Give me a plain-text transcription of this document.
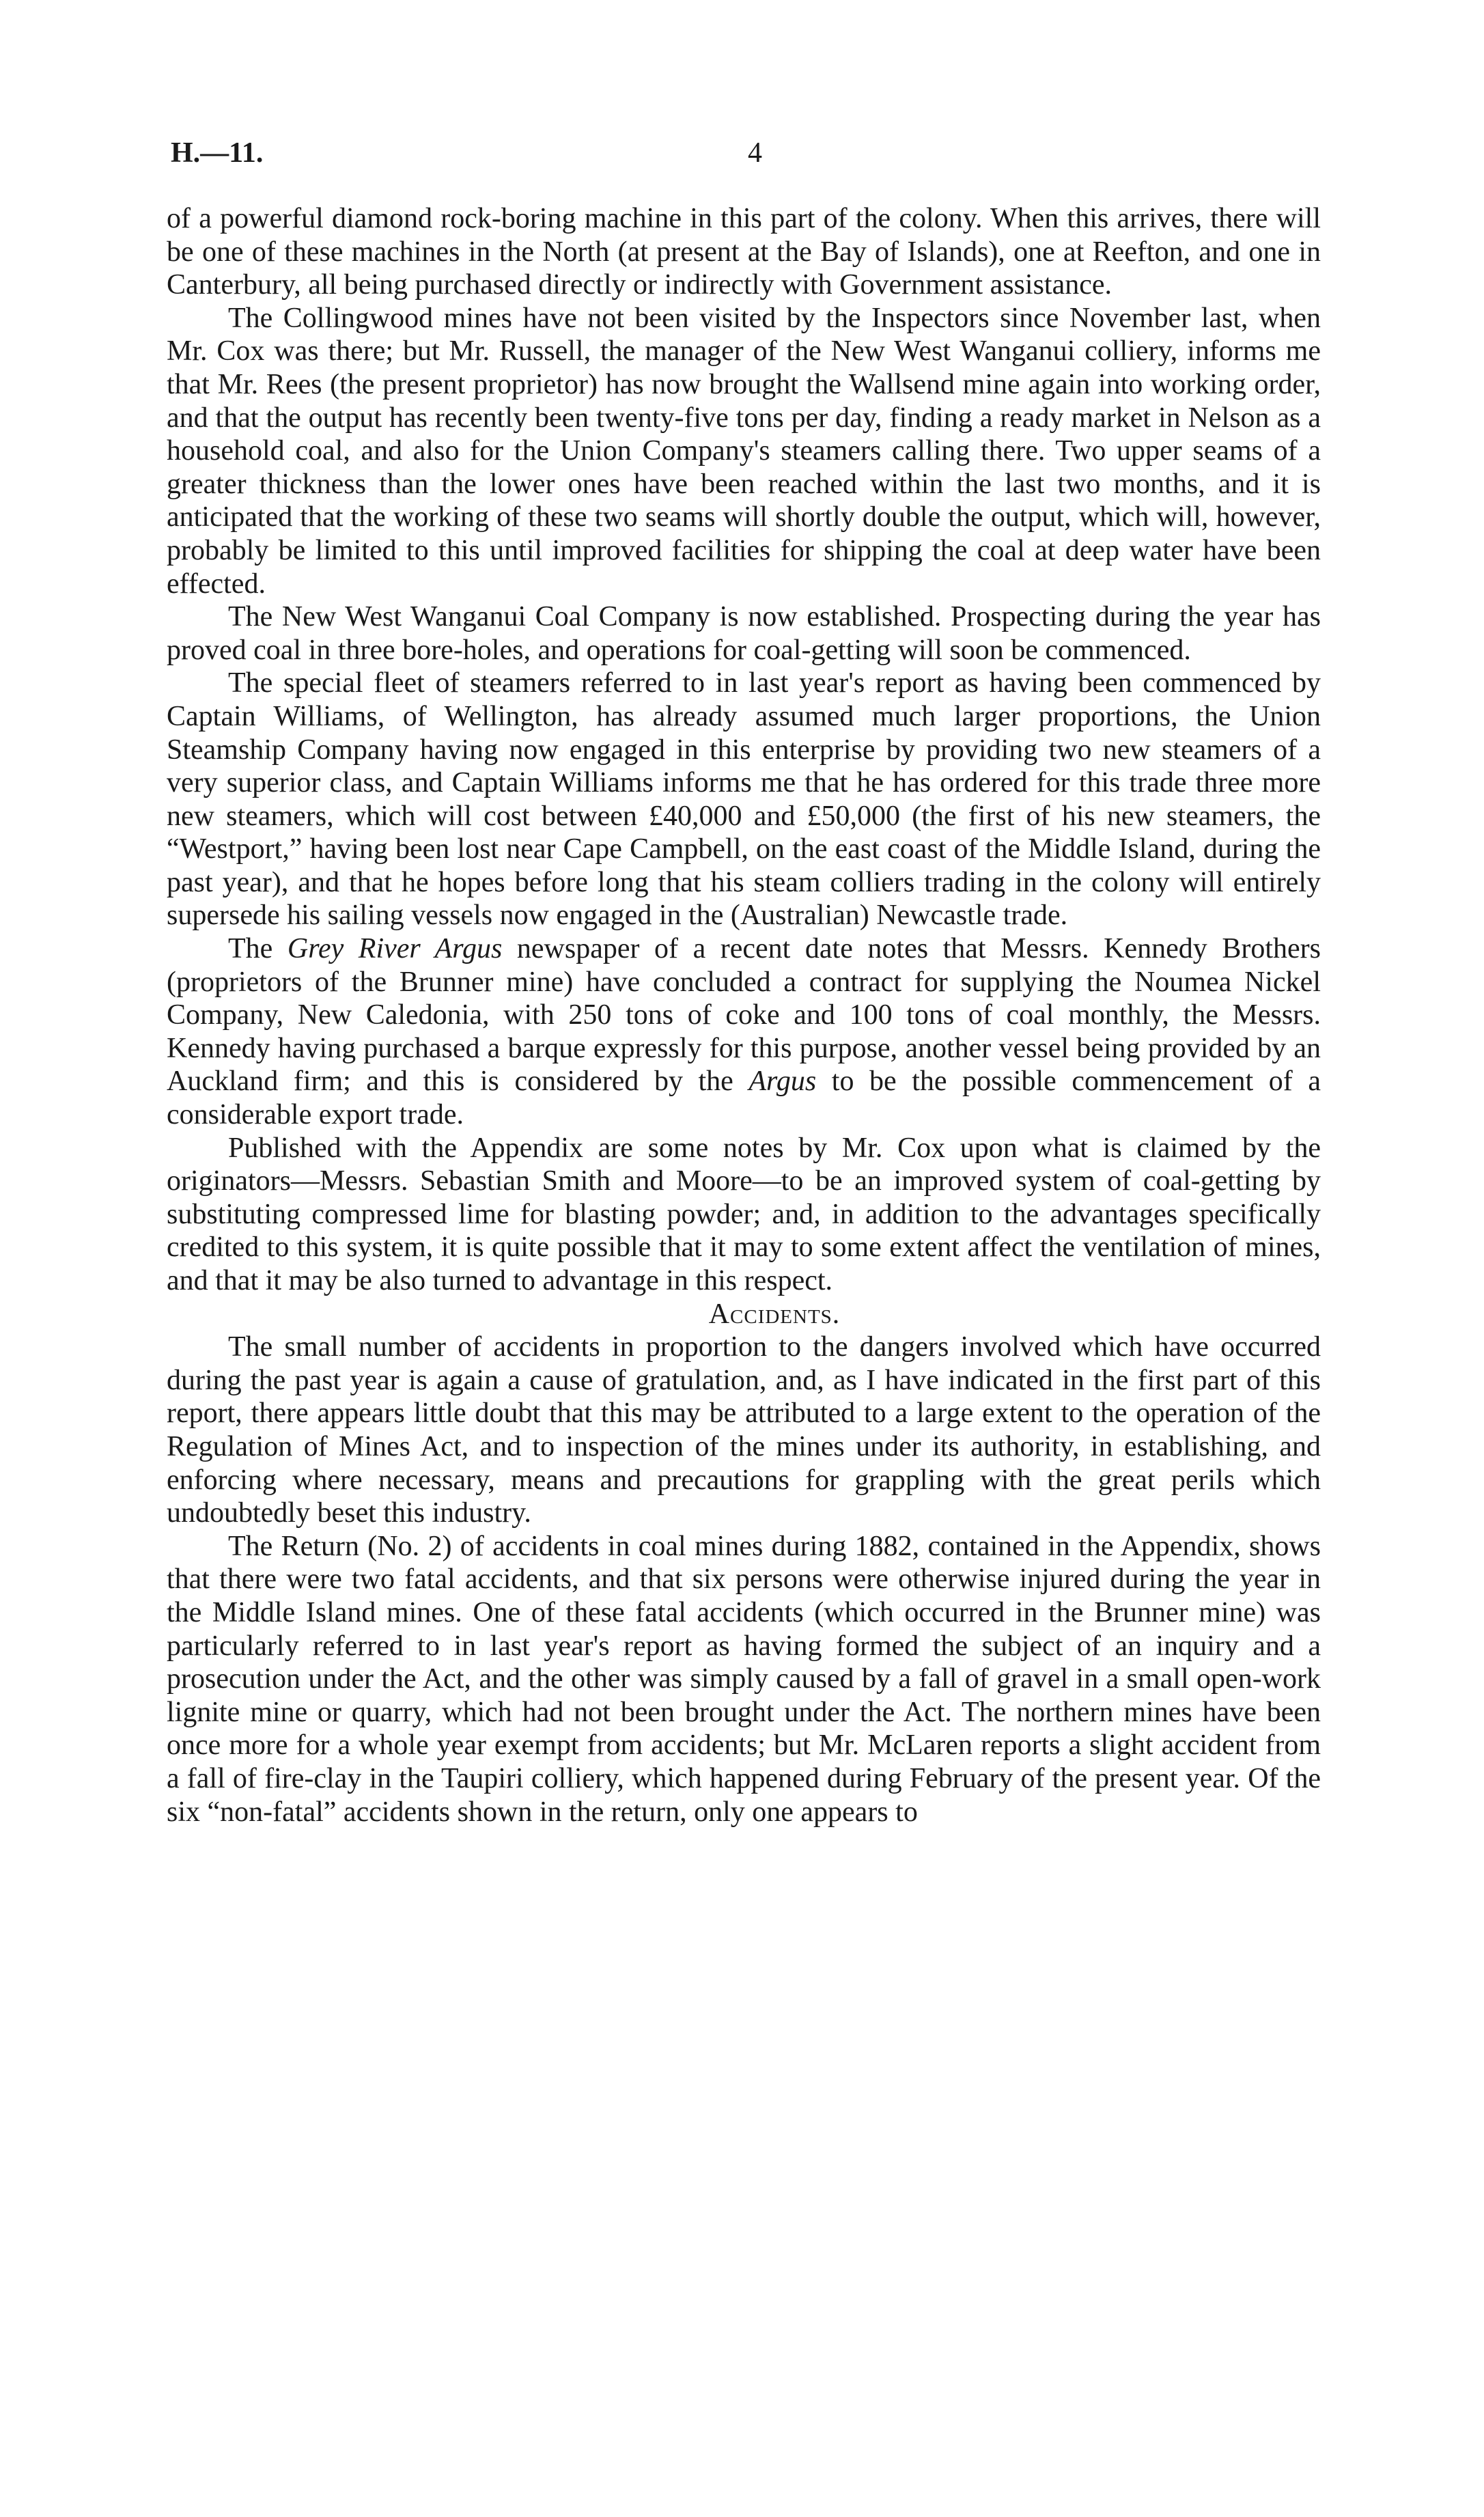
H.—11.	4

of a powerful diamond rock-boring machine in this part of the colony. When this arrives, there will be one of these machines in the North (at present at the Bay of Islands), one at Reefton, and one in Canterbury, all being purchased directly or indirectly with Government assistance.

The Collingwood mines have not been visited by the Inspectors since November last, when Mr. Cox was there; but Mr. Russell, the manager of the New West Wanganui colliery, informs me that Mr. Rees (the present proprietor) has now brought the Wallsend mine again into working order, and that the output has recently been twenty-five tons per day, finding a ready market in Nelson as a household coal, and also for the Union Company's steamers calling there. Two upper seams of a greater thickness than the lower ones have been reached within the last two months, and it is anticipated that the working of these two seams will shortly double the output, which will, however, probably be limited to this until improved facilities for shipping the coal at deep water have been effected.

The New West Wanganui Coal Company is now established. Prospecting during the year has proved coal in three bore-holes, and operations for coal-getting will soon be commenced.

The special fleet of steamers referred to in last year's report as having been commenced by Captain Williams, of Wellington, has already assumed much larger proportions, the Union Steamship Company having now engaged in this enterprise by providing two new steamers of a very superior class, and Captain Williams informs me that he has ordered for this trade three more new steamers, which will cost between £40,000 and £50,000 (the first of his new steamers, the “Westport,” having been lost near Cape Campbell, on the east coast of the Middle Island, during the past year), and that he hopes before long that his steam colliers trading in the colony will entirely supersede his sailing vessels now engaged in the (Australian) Newcastle trade.

The Grey River Argus newspaper of a recent date notes that Messrs. Kennedy Brothers (proprietors of the Brunner mine) have concluded a contract for supplying the Noumea Nickel Company, New Caledonia, with 250 tons of coke and 100 tons of coal monthly, the Messrs. Kennedy having purchased a barque expressly for this purpose, another vessel being provided by an Auckland firm; and this is considered by the Argus to be the possible commencement of a considerable export trade.

Published with the Appendix are some notes by Mr. Cox upon what is claimed by the originators—Messrs. Sebastian Smith and Moore—to be an improved system of coal-getting by substituting compressed lime for blasting powder; and, in addition to the advantages specifically credited to this system, it is quite possible that it may to some extent affect the ventilation of mines, and that it may be also turned to advantage in this respect.

Accidents.

The small number of accidents in proportion to the dangers involved which have occurred during the past year is again a cause of gratulation, and, as I have indicated in the first part of this report, there appears little doubt that this may be attributed to a large extent to the operation of the Regulation of Mines Act, and to inspection of the mines under its authority, in establishing, and enforcing where necessary, means and precautions for grappling with the great perils which undoubtedly beset this industry.

The Return (No. 2) of accidents in coal mines during 1882, contained in the Appendix, shows that there were two fatal accidents, and that six persons were otherwise injured during the year in the Middle Island mines. One of these fatal accidents (which occurred in the Brunner mine) was particularly referred to in last year's report as having formed the subject of an inquiry and a prosecution under the Act, and the other was simply caused by a fall of gravel in a small open-work lignite mine or quarry, which had not been brought under the Act. The northern mines have been once more for a whole year exempt from accidents; but Mr. McLaren reports a slight accident from a fall of fire-clay in the Taupiri colliery, which happened during February of the present year. Of the six “non-fatal” accidents shown in the return, only one appears to
